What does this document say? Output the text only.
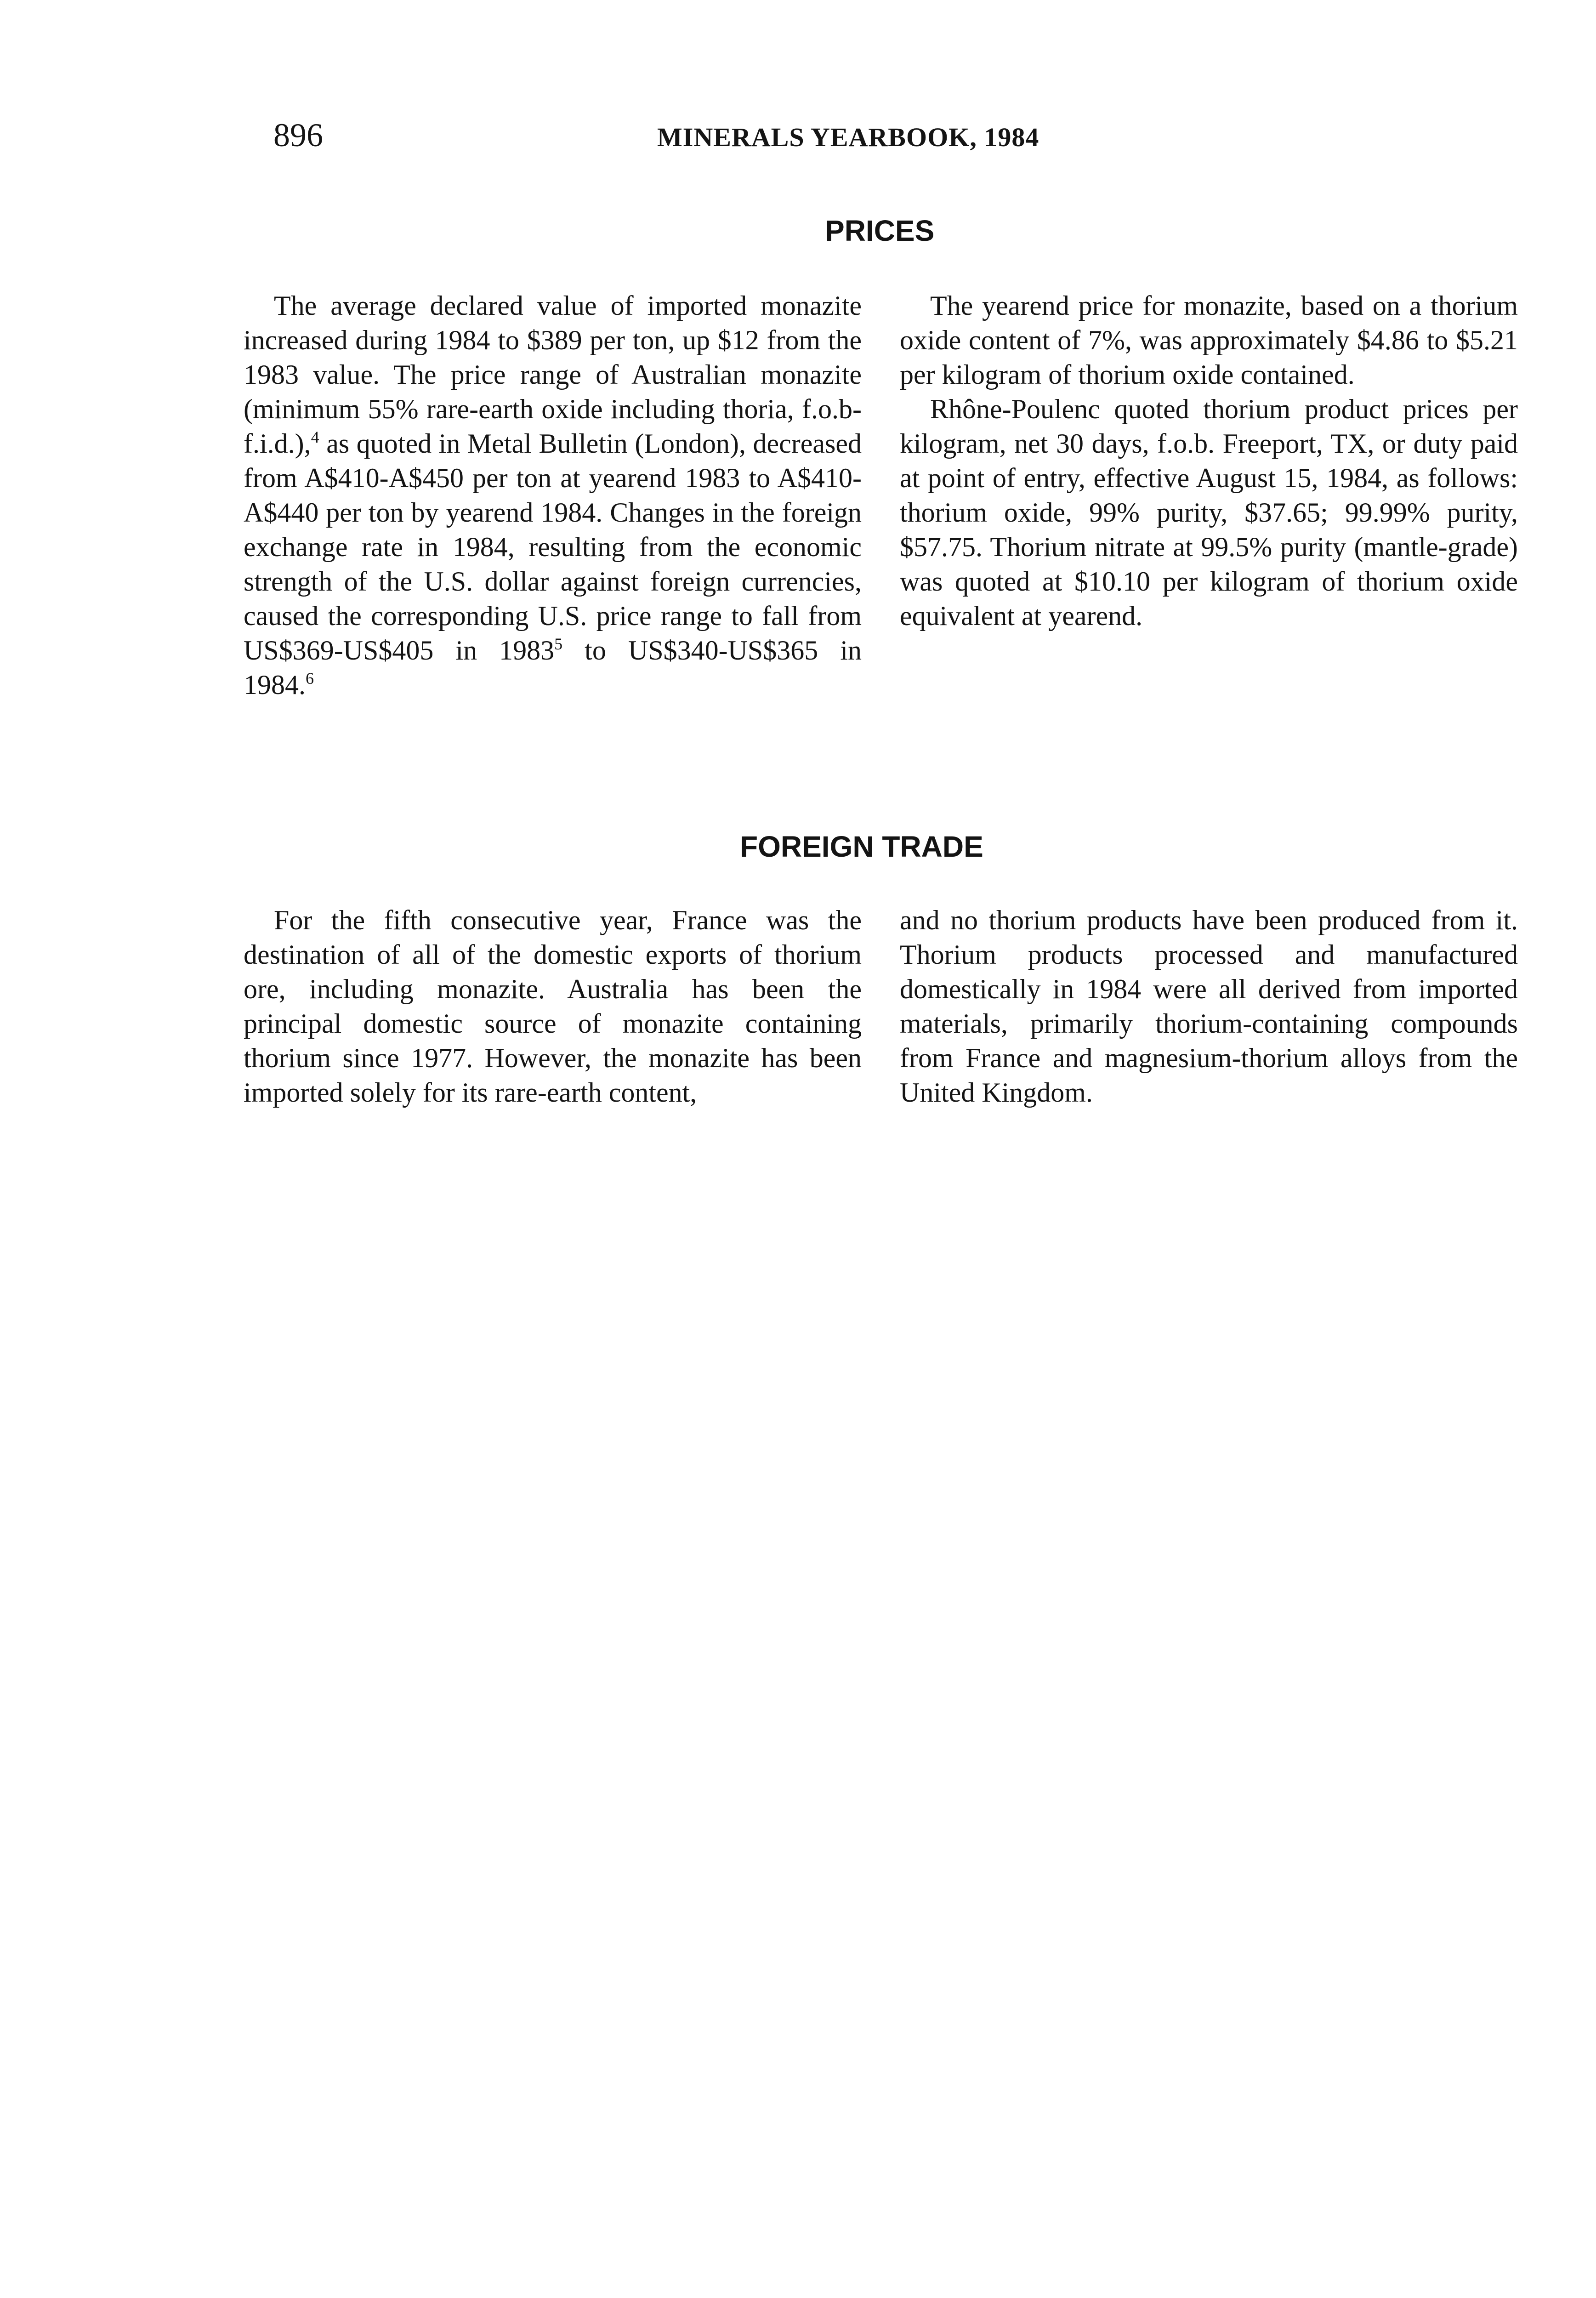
896	MINERALS YEARBOOK, 1984
PRICES

The average declared value of imported monazite increased during 1984 to $389 per ton, up $12 from the 1983 value. The price range of Australian monazite (minimum 55% rare-earth oxide including thoria, f.o.b-f.i.d.),$^4$ as quoted in Metal Bulletin (London), decreased from A$410-A$450 per ton at yearend 1983 to A$410-A$440 per ton by yearend 1984. Changes in the foreign exchange rate in 1984, resulting from the economic strength of the U.S. dollar against foreign currencies, caused the corresponding U.S. price range to fall from US$369-US$405 in 1983$^5$ to US$340-US$365 in 1984.$^6$

The yearend price for monazite, based on a thorium oxide content of 7%, was approximately $4.86 to $5.21 per kilogram of thorium oxide contained.

Rhône-Poulenc quoted thorium product prices per kilogram, net 30 days, f.o.b. Freeport, TX, or duty paid at point of entry, effective August 15, 1984, as follows: thorium oxide, 99% purity, $37.65; 99.99% purity, $57.75. Thorium nitrate at 99.5% purity (mantle-grade) was quoted at $10.10 per kilogram of thorium oxide equivalent at yearend.

FOREIGN TRADE

For the fifth consecutive year, France was the destination of all of the domestic exports of thorium ore, including monazite. Australia has been the principal domestic source of monazite containing thorium since 1977. However, the monazite has been imported solely for its rare-earth content,

and no thorium products have been produced from it. Thorium products processed and manufactured domestically in 1984 were all derived from imported materials, primarily thorium-containing compounds from France and magnesium-thorium alloys from the United Kingdom.
